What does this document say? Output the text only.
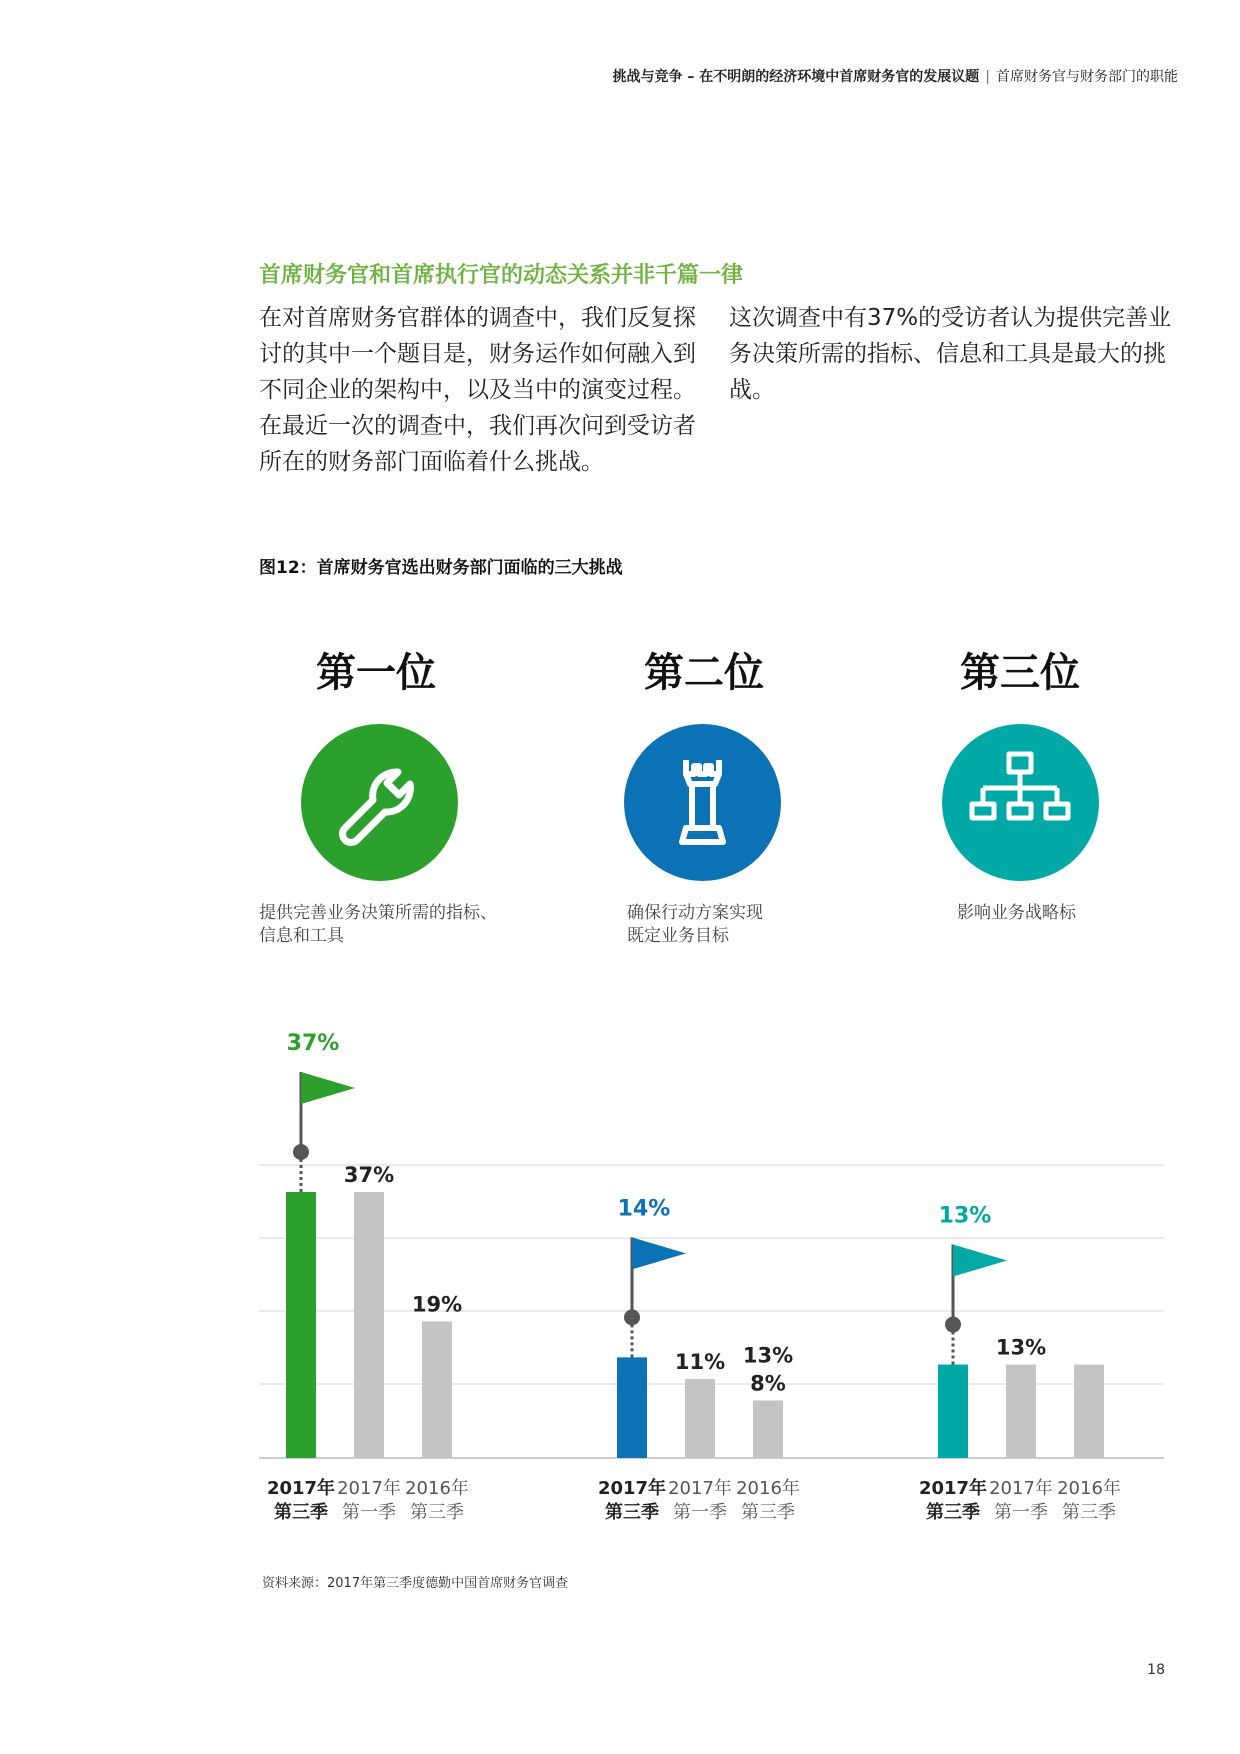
挑战与竞争 – 在不明朗的经济环境中首席财务官的发展议题 | 首席财务官与财务部门的职能
首席财务官和首席执行官的动态关系并非千篇一律
在对首席财务官群体的调查中，我们反复探讨的其中一个题目是，财务运作如何融入到不同企业的架构中，以及当中的演变过程。在最近一次的调查中，我们再次问到受访者所在的财务部门面临着什么挑战。
这次调查中有37%的受访者认为提供完善业务决策所需的指标、信息和工具是最大的挑战。
图12：首席财务官选出财务部门面临的三大挑战
第一位
提供完善业务决策所需的指标、
信息和工具
第二位
确保行动方案实现
既定业务目标
第三位
影响业务战略标
2017年
第三季
37%
37%
2017年
第一季
19%
2016年
第三季
2017年
第三季
14%
11%
2017年
第一季
8%
13%
2016年
第三季
2017年
第三季
13%
13%
2017年
第一季
2016年
第三季
资料来源：2017年第三季度德勤中国首席财务官调查
18
